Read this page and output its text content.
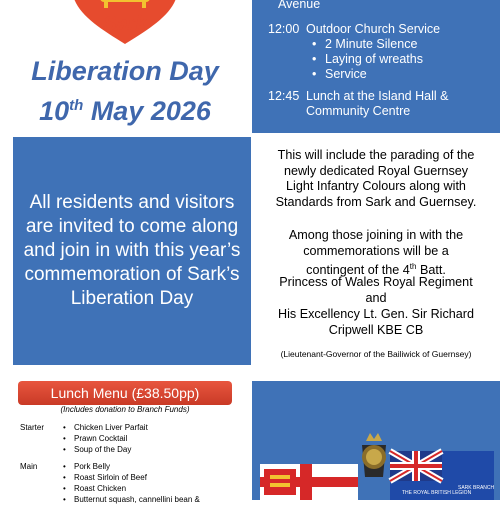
Sark
Liberation Day
10th May 2026
Avenue
12:00 Outdoor Church Service
• 2 Minute Silence
• Laying of wreaths
• Service
12:45 Lunch at the Island Hall &
Community Centre
All residents and visitors are invited to come along and join in with this year’s commemoration of Sark’s Liberation Day
This will include the parading of the
newly dedicated Royal Guernsey
Light Infantry Colours along with
Standards from Sark and Guernsey.
Among those joining in with the
commemorations will be a
contingent of the 4th Batt.
Princess of Wales Royal Regiment
and
His Excellency Lt. Gen. Sir Richard
Cripwell KBE CB
(Lieutenant-Governor of the Bailiwick of Guernsey)
Lunch Menu (£38.50pp)
(Includes donation to Branch Funds)
Starter	• Chicken Liver Parfait
• Prawn Cocktail
• Soup of the Day
Main	• Pork Belly
• Roast Sirloin of Beef
• Roast Chicken
• Butternut squash, cannellini bean &
THE ROYAL BRITISH LEGION
SARK BRANCH
